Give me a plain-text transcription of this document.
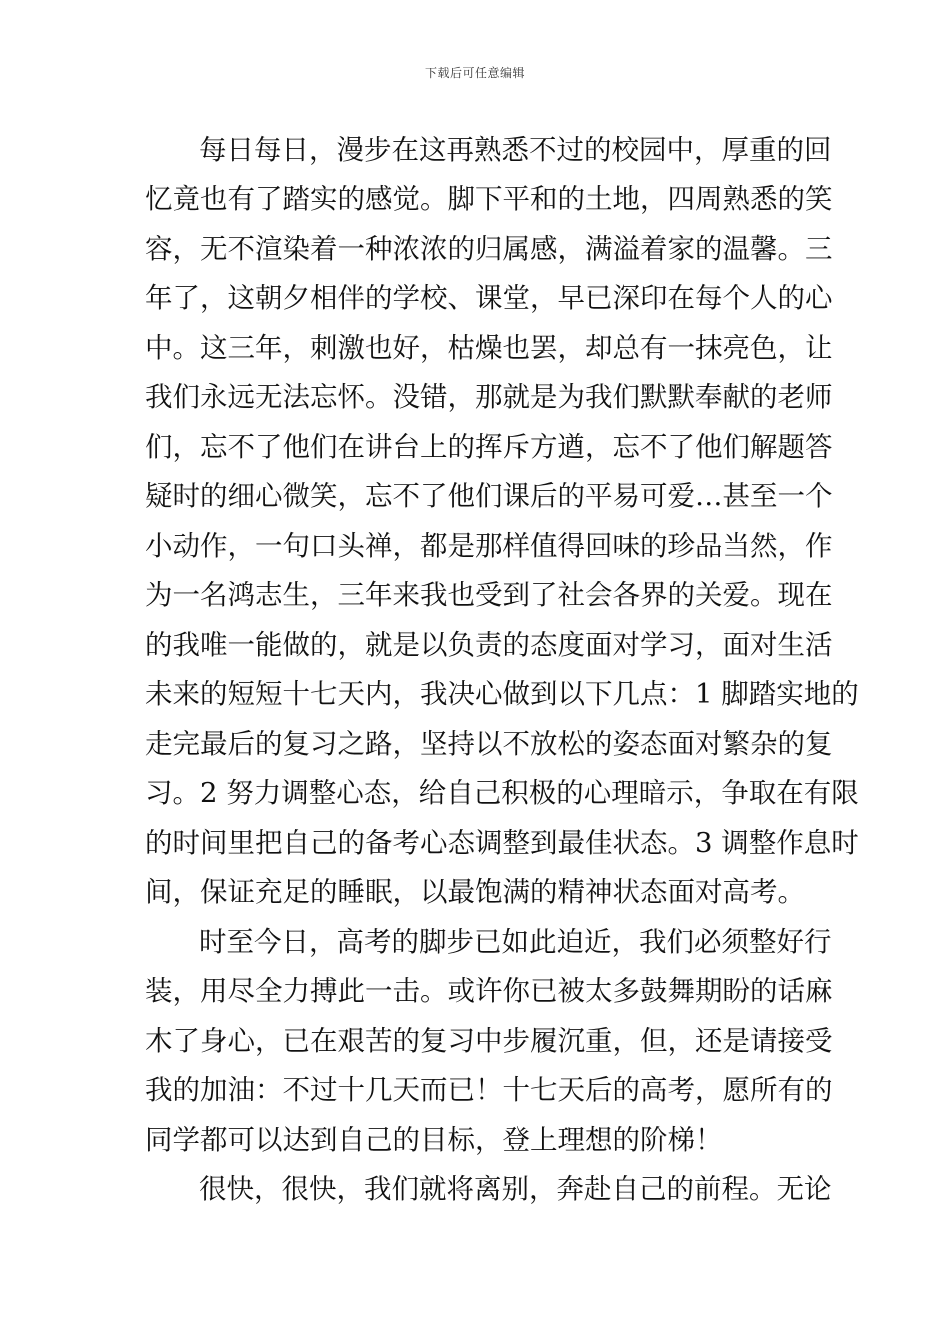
下载后可任意编辑
每日每日，漫步在这再熟悉不过的校园中，厚重的回
忆竟也有了踏实的感觉。脚下平和的土地，四周熟悉的笑
容，无不渲染着一种浓浓的归属感，满溢着家的温馨。三
年了，这朝夕相伴的学校、课堂，早已深印在每个人的心
中。这三年，刺激也好，枯燥也罢，却总有一抹亮色，让
我们永远无法忘怀。没错，那就是为我们默默奉献的老师
们，忘不了他们在讲台上的挥斥方遒，忘不了他们解题答
疑时的细心微笑，忘不了他们课后的平易可爱…甚至一个
小动作，一句口头禅，都是那样值得回味的珍品当然，作
为一名鸿志生，三年来我也受到了社会各界的关爱。现在
的我唯一能做的，就是以负责的态度面对学习，面对生活
未来的短短十七天内，我决心做到以下几点：1 脚踏实地的
走完最后的复习之路，坚持以不放松的姿态面对繁杂的复
习。2 努力调整心态，给自己积极的心理暗示，争取在有限
的时间里把自己的备考心态调整到最佳状态。3 调整作息时
间，保证充足的睡眠，以最饱满的精神状态面对高考。
时至今日，高考的脚步已如此迫近，我们必须整好行
装，用尽全力搏此一击。或许你已被太多鼓舞期盼的话麻
木了身心，已在艰苦的复习中步履沉重，但，还是请接受
我的加油：不过十几天而已！十七天后的高考，愿所有的
同学都可以达到自己的目标，登上理想的阶梯！
很快，很快，我们就将离别，奔赴自己的前程。无论
